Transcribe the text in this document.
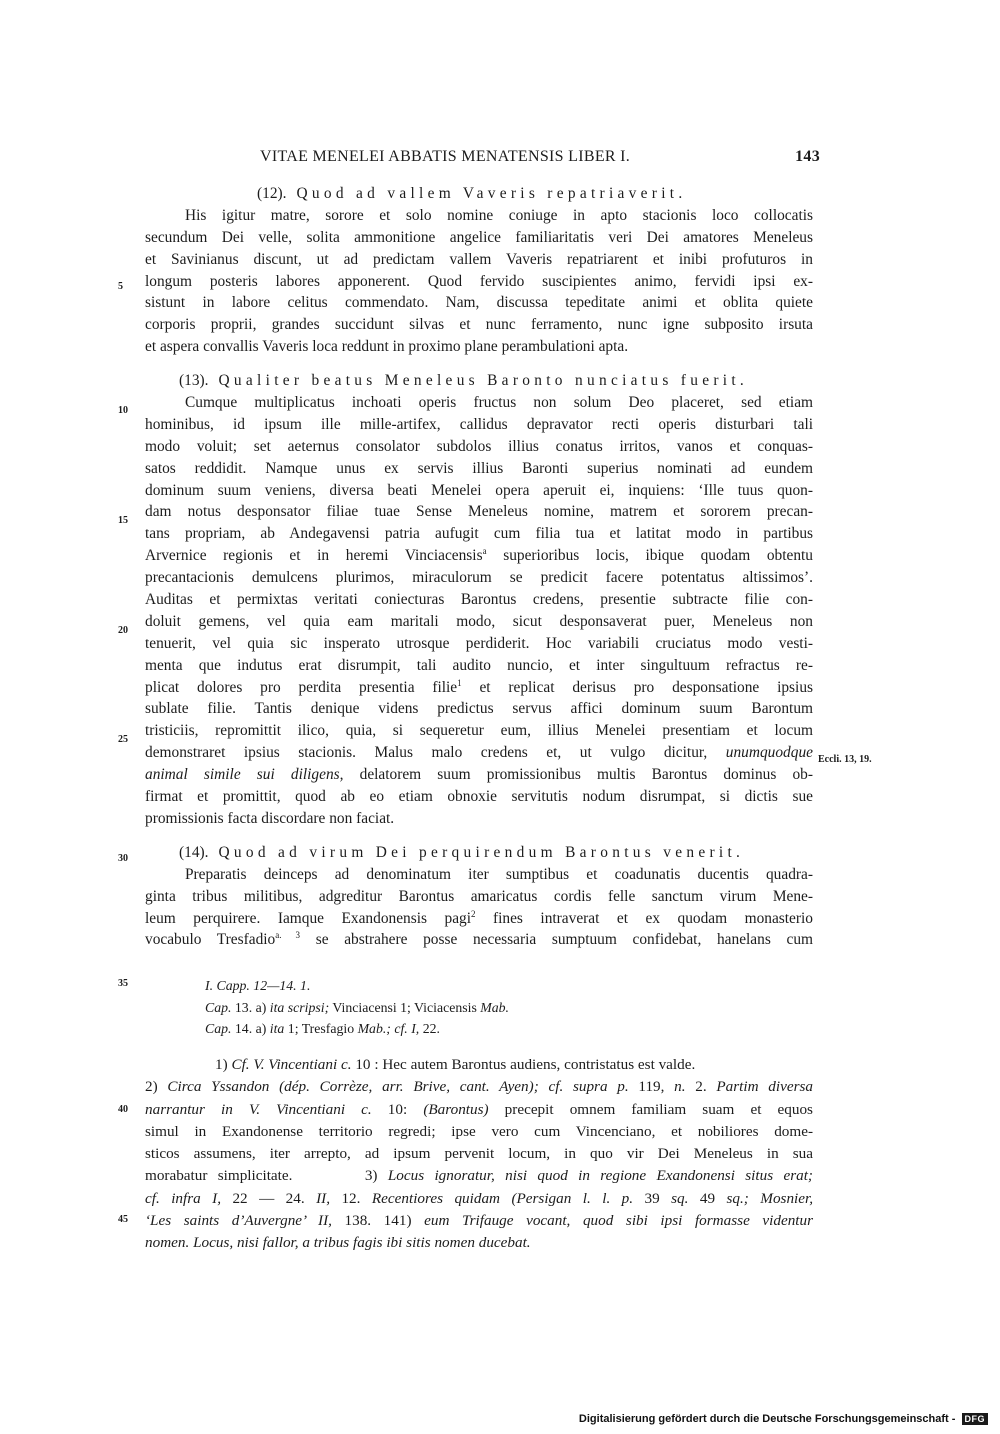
VITAE MENELEI ABBATIS MENATENSIS LIBER I.	143
5
10
15
20
25
30
35
40
45
Eccli. 13, 19.
(12). Quod ad vallem Vaveris repatriaverit.
His igitur matre, sorore et solo nomine coniuge in apto stacionis loco collocatis
secundum Dei velle, solita ammonitione angelice familiaritatis veri Dei amatores Meneleus
et Savinianus discunt, ut ad predictam vallem Vaveris repatriarent et inibi profuturos in
longum posteris labores apponerent. Quod fervido suscipientes animo, fervidi ipsi ex-
sistunt in labore celitus commendato. Nam, discussa tepeditate animi et oblita quiete
corporis proprii, grandes succidunt silvas et nunc ferramento, nunc igne subposito irsuta
et aspera convallis Vaveris loca reddunt in proximo plane perambulationi apta.
(13). Qualiter beatus Meneleus Baronto nunciatus fuerit.
Cumque multiplicatus inchoati operis fructus non solum Deo placeret, sed etiam
hominibus, id ipsum ille mille-artifex, callidus depravator recti operis disturbari tali
modo voluit; set aeternus consolator subdolos illius conatus irritos, vanos et conquas-
satos reddidit. Namque unus ex servis illius Baronti superius nominati ad eundem
dominum suum veniens, diversa beati Menelei opera aperuit ei, inquiens: ‘Ille tuus quon-
dam notus desponsator filiae tuae Sense Meneleus nomine, matrem et sororem precan-
tans propriam, ab Andegavensi patria aufugit cum filia tua et latitat modo in partibus
Arvernice regionis et in heremi Vinciacensis$^a$ superioribus locis, ibique quodam obtentu
precantacionis demulcens plurimos, miraculorum se predicit facere potentatus altissimos’.
Auditas et permixtas veritati coniecturas Barontus credens, presentie subtracte filie con-
doluit gemens, vel quia eam maritali modo, sicut desponsaverat puer, Meneleus non
tenuerit, vel quia sic insperato utrosque perdiderit. Hoc variabili cruciatus modo vesti-
menta que indutus erat disrumpit, tali audito nuncio, et inter singultuum refractus re-
plicat dolores pro perdita presentia filie$^1$ et replicat derisus pro desponsatione ipsius
sublate filie. Tantis denique videns predictus servus affici dominum suum Barontum
tristiciis, repromittit ilico, quia, si sequeretur eum, illius Menelei presentiam et locum
demonstraret ipsius stacionis. Malus malo credens et, ut vulgo dicitur, unumquodque
animal simile sui diligens, delatorem suum promissionibus multis Barontus dominus ob-
firmat et promittit, quod ab eo etiam obnoxie servitutis nodum disrumpat, si dictis sue
promissionis facta discordare non faciat.
(14). Quod ad virum Dei perquirendum Barontus venerit.
Preparatis deinceps ad denominatum iter sumptibus et coadunatis ducentis quadra-
ginta tribus militibus, adgreditur Barontus amaricatus cordis felle sanctum virum Mene-
leum perquirere. Iamque Exandonensis pagi$^2$ fines intraverat et ex quodam monasterio
vocabulo Tresfadio$^{a. 3}$ se abstrahere posse necessaria sumptuum confidebat, hanelans cum
I. Capp. 12—14. 1.
Cap. 13. a) ita scripsi; Vinciacensi 1; Viciacensis Mab.
Cap. 14. a) ita 1; Tresfagio Mab.; cf. I, 22.
1) Cf. V. Vincentiani c. 10 : Hec autem Barontus audiens, contristatus est valde.
2) Circa Yssandon (dép. Corrèze, arr. Brive, cant. Ayen); cf. supra p. 119, n. 2. Partim diversa
narrantur in V. Vincentiani c. 10: (Barontus) precepit omnem familiam suam et equos
simul in Exandonense territorio regredi; ipse vero cum Vincenciano, et nobiliores dome-
sticos assumens, iter arrepto, ad ipsum pervenit locum, in quo vir Dei Meneleus in sua
morabatur simplicitate.	3) Locus ignoratur, nisi quod in regione Exandonensi situs erat;
cf. infra I, 22 — 24. II, 12. Recentiores quidam (Persigan l. l. p. 39 sq. 49 sq.; Mosnier,
‘Les saints d’Auvergne’ II, 138. 141) eum Trifauge vocant, quod sibi ipsi formasse videntur
nomen. Locus, nisi fallor, a tribus fagis ibi sitis nomen ducebat.
Digitalisierung gefördert durch die Deutsche Forschungsgemeinschaft - DFG
